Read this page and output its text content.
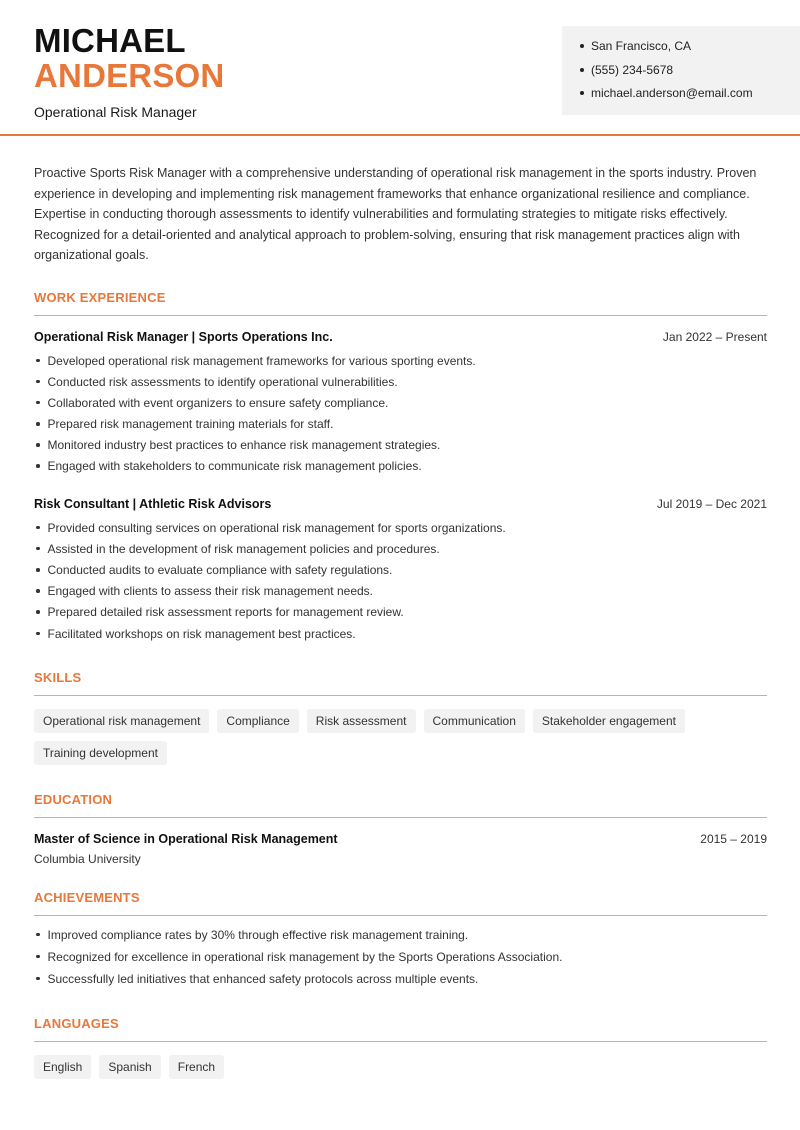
MICHAEL
ANDERSON
Operational Risk Manager
San Francisco, CA
(555) 234-5678
michael.anderson@email.com
Proactive Sports Risk Manager with a comprehensive understanding of operational risk management in the sports industry. Proven experience in developing and implementing risk management frameworks that enhance organizational resilience and compliance. Expertise in conducting thorough assessments to identify vulnerabilities and formulating strategies to mitigate risks effectively. Recognized for a detail-oriented and analytical approach to problem-solving, ensuring that risk management practices align with organizational goals.
WORK EXPERIENCE
Operational Risk Manager | Sports Operations Inc.	Jan 2022 – Present
Developed operational risk management frameworks for various sporting events.
Conducted risk assessments to identify operational vulnerabilities.
Collaborated with event organizers to ensure safety compliance.
Prepared risk management training materials for staff.
Monitored industry best practices to enhance risk management strategies.
Engaged with stakeholders to communicate risk management policies.
Risk Consultant | Athletic Risk Advisors	Jul 2019 – Dec 2021
Provided consulting services on operational risk management for sports organizations.
Assisted in the development of risk management policies and procedures.
Conducted audits to evaluate compliance with safety regulations.
Engaged with clients to assess their risk management needs.
Prepared detailed risk assessment reports for management review.
Facilitated workshops on risk management best practices.
SKILLS
Operational risk management	Compliance	Risk assessment	Communication	Stakeholder engagement
Training development
EDUCATION
Master of Science in Operational Risk Management	2015 – 2019
Columbia University
ACHIEVEMENTS
Improved compliance rates by 30% through effective risk management training.
Recognized for excellence in operational risk management by the Sports Operations Association.
Successfully led initiatives that enhanced safety protocols across multiple events.
LANGUAGES
English	Spanish	French
